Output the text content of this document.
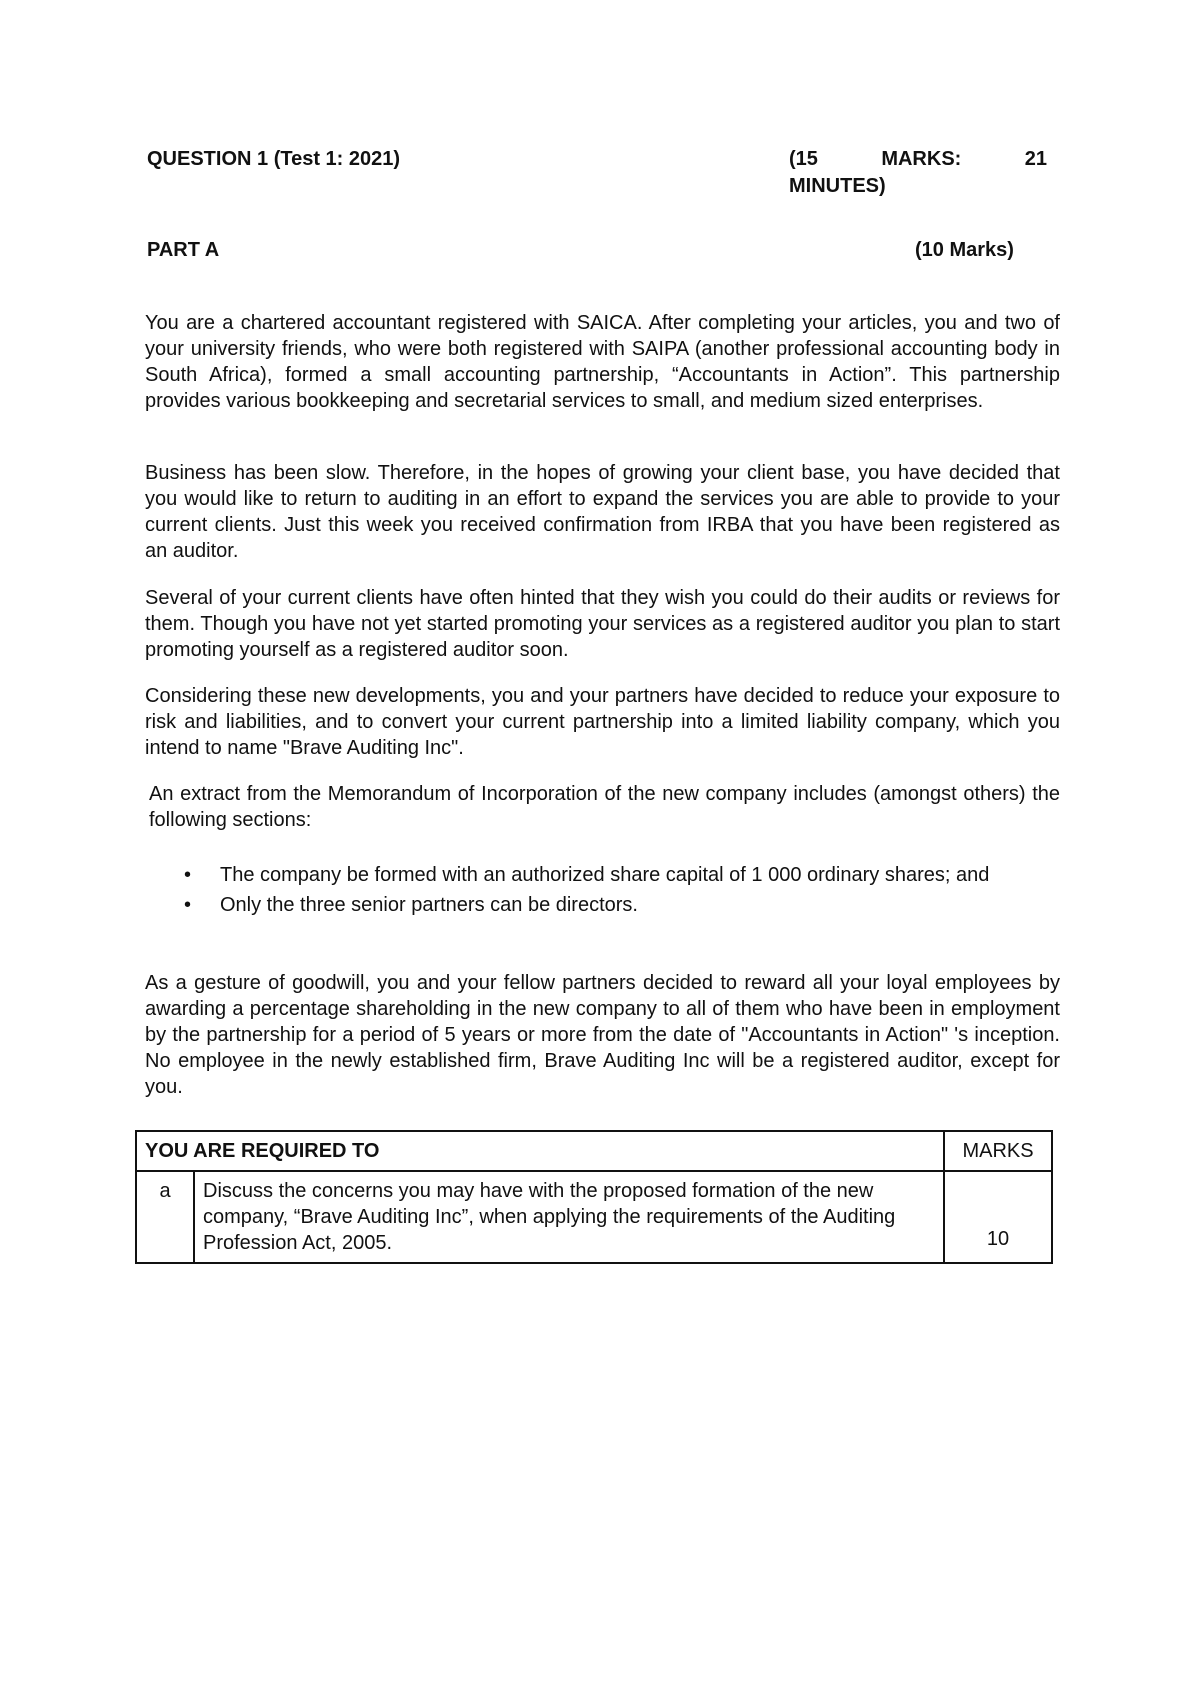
QUESTION 1 (Test 1: 2021)	(15	MARKS:	21
MINUTES)
PART A	(10 Marks)

You are a chartered accountant registered with SAICA. After completing your articles, you and two of your university friends, who were both registered with SAIPA (another professional accounting body in South Africa), formed a small accounting partnership, “Accountants in Action”. This partnership provides various bookkeeping and secretarial services to small, and medium sized enterprises.

Business has been slow. Therefore, in the hopes of growing your client base, you have decided that you would like to return to auditing in an effort to expand the services you are able to provide to your current clients. Just this week you received confirmation from IRBA that you have been registered as an auditor.

Several of your current clients have often hinted that they wish you could do their audits or reviews for them. Though you have not yet started promoting your services as a registered auditor you plan to start promoting yourself as a registered auditor soon.

Considering these new developments, you and your partners have decided to reduce your exposure to risk and liabilities, and to convert your current partnership into a limited liability company, which you intend to name "Brave Auditing Inc".

An extract from the Memorandum of Incorporation of the new company includes (amongst others) the following sections:

• The company be formed with an authorized share capital of 1 000 ordinary shares; and
• Only the three senior partners can be directors.

As a gesture of goodwill, you and your fellow partners decided to reward all your loyal employees by awarding a percentage shareholding in the new company to all of them who have been in employment by the partnership for a period of 5 years or more from the date of "Accountants in Action" 's inception. No employee in the newly established firm, Brave Auditing Inc will be a registered auditor, except for you.

YOU ARE REQUIRED TO		MARKS
a	Discuss the concerns you may have with the proposed formation of the new company, “Brave Auditing Inc”, when applying the requirements of the Auditing Profession Act, 2005.	10
